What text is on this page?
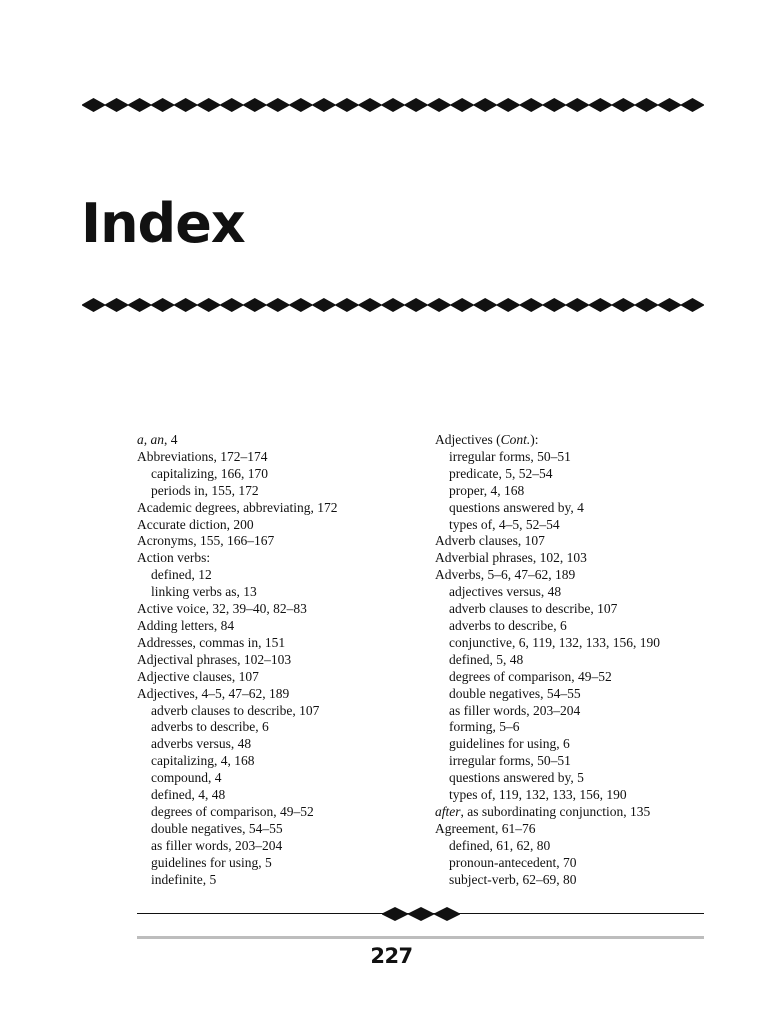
Index
a, an, 4
Abbreviations, 172–174
capitalizing, 166, 170
periods in, 155, 172
Academic degrees, abbreviating, 172
Accurate diction, 200
Acronyms, 155, 166–167
Action verbs:
defined, 12
linking verbs as, 13
Active voice, 32, 39–40, 82–83
Adding letters, 84
Addresses, commas in, 151
Adjectival phrases, 102–103
Adjective clauses, 107
Adjectives, 4–5, 47–62, 189
adverb clauses to describe, 107
adverbs to describe, 6
adverbs versus, 48
capitalizing, 4, 168
compound, 4
defined, 4, 48
degrees of comparison, 49–52
double negatives, 54–55
as filler words, 203–204
guidelines for using, 5
indefinite, 5
Adjectives (Cont.):
irregular forms, 50–51
predicate, 5, 52–54
proper, 4, 168
questions answered by, 4
types of, 4–5, 52–54
Adverb clauses, 107
Adverbial phrases, 102, 103
Adverbs, 5–6, 47–62, 189
adjectives versus, 48
adverb clauses to describe, 107
adverbs to describe, 6
conjunctive, 6, 119, 132, 133, 156, 190
defined, 5, 48
degrees of comparison, 49–52
double negatives, 54–55
as filler words, 203–204
forming, 5–6
guidelines for using, 6
irregular forms, 50–51
questions answered by, 5
types of, 119, 132, 133, 156, 190
after, as subordinating conjunction, 135
Agreement, 61–76
defined, 61, 62, 80
pronoun-antecedent, 70
subject-verb, 62–69, 80
227
